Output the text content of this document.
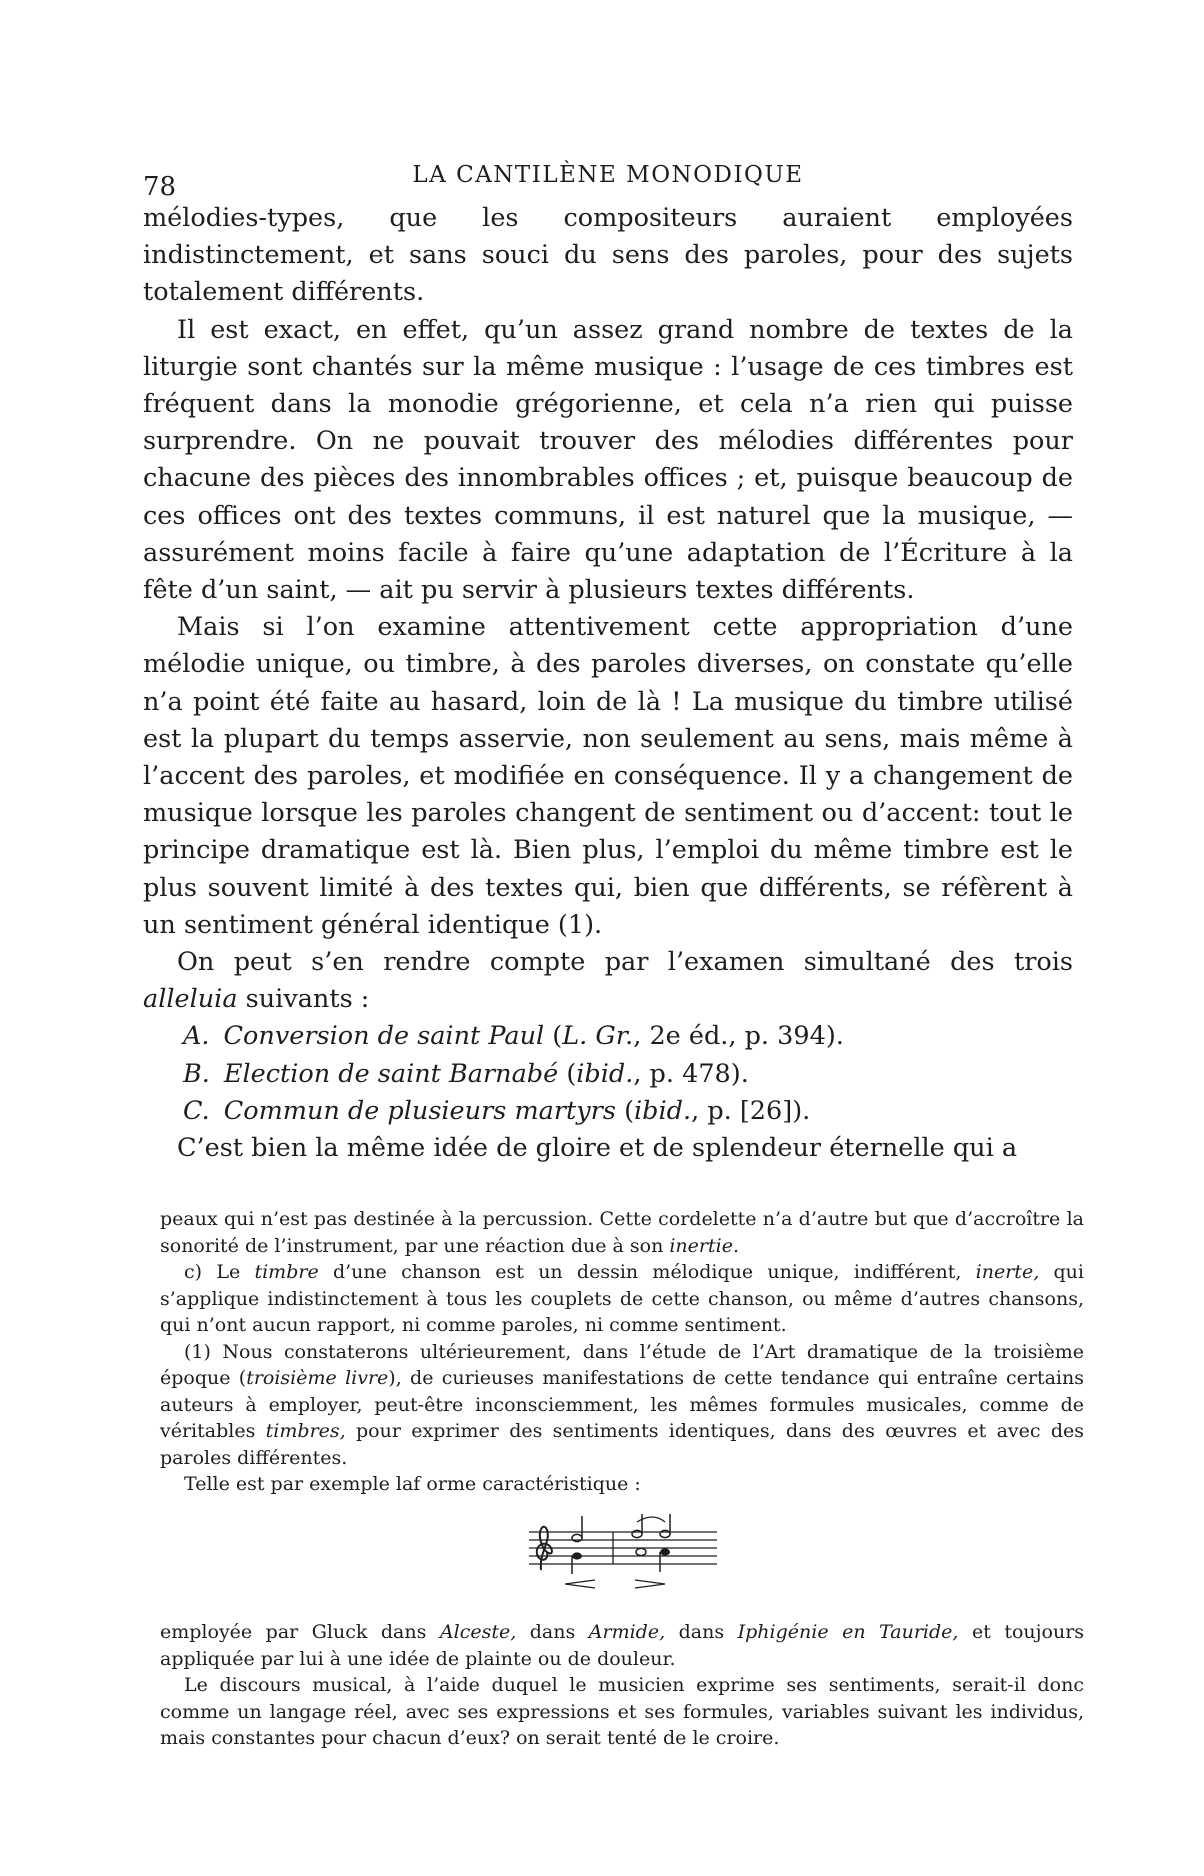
78	LA CANTILÈNE MONODIQUE

mélodies-types, que les compositeurs auraient employées indistinctement, et sans souci du sens des paroles, pour des sujets totalement différents.

Il est exact, en effet, qu’un assez grand nombre de textes de la liturgie sont chantés sur la même musique : l’usage de ces timbres est fréquent dans la monodie grégorienne, et cela n’a rien qui puisse surprendre. On ne pouvait trouver des mélodies différentes pour chacune des pièces des innombrables offices ; et, puisque beaucoup de ces offices ont des textes communs, il est naturel que la musique, — assurément moins facile à faire qu’une adaptation de l’Écriture à la fête d’un saint, — ait pu servir à plusieurs textes différents.

Mais si l’on examine attentivement cette appropriation d’une mélodie unique, ou timbre, à des paroles diverses, on constate qu’elle n’a point été faite au hasard, loin de là ! La musique du timbre utilisé est la plupart du temps asservie, non seulement au sens, mais même à l’accent des paroles, et modifiée en conséquence. Il y a changement de musique lorsque les paroles changent de sentiment ou d’accent: tout le principe dramatique est là. Bien plus, l’emploi du même timbre est le plus souvent limité à des textes qui, bien que différents, se réfèrent à un sentiment général identique (1).

On peut s’en rendre compte par l’examen simultané des trois alleluia suivants :

A. Conversion de saint Paul (L. Gr., 2e éd., p. 394).
B. Election de saint Barnabé (ibid., p. 478).
C. Commun de plusieurs martyrs (ibid., p. [26]).

C’est bien la même idée de gloire et de splendeur éternelle qui a

peaux qui n’est pas destinée à la percussion. Cette cordelette n’a d’autre but que d’accroître la sonorité de l’instrument, par une réaction due à son inertie.

c) Le timbre d’une chanson est un dessin mélodique unique, indifférent, inerte, qui s’applique indistinctement à tous les couplets de cette chanson, ou même d’autres chansons, qui n’ont aucun rapport, ni comme paroles, ni comme sentiment.

(1) Nous constaterons ultérieurement, dans l’étude de l’Art dramatique de la troisième époque (troisième livre), de curieuses manifestations de cette tendance qui entraîne certains auteurs à employer, peut-être inconsciemment, les mêmes formules musicales, comme de véritables timbres, pour exprimer des sentiments identiques, dans des œuvres et avec des paroles différentes.

Telle est par exemple laf orme caractéristique :

employée par Gluck dans Alceste, dans Armide, dans Iphigénie en Tauride, et toujours appliquée par lui à une idée de plainte ou de douleur.

Le discours musical, à l’aide duquel le musicien exprime ses sentiments, serait-il donc comme un langage réel, avec ses expressions et ses formules, variables suivant les individus, mais constantes pour chacun d’eux? on serait tenté de le croire.
